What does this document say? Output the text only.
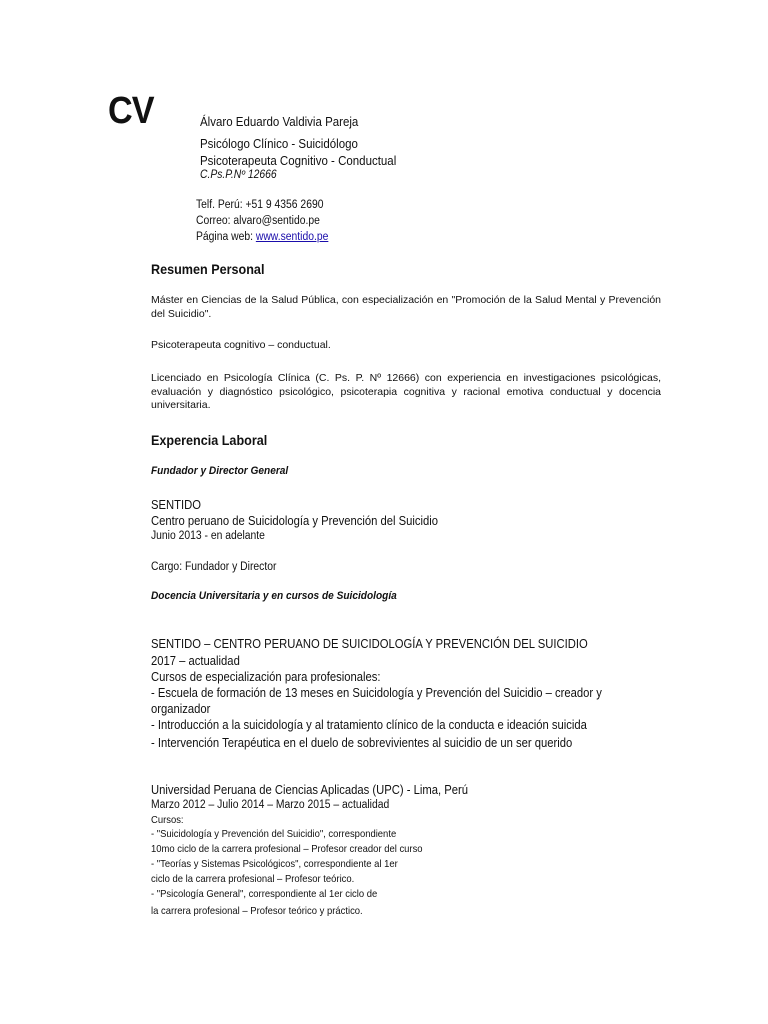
CV	Álvaro Eduardo Valdivia Pareja
Psicólogo Clínico - Suicidólogo
Psicoterapeuta Cognitivo - Conductual
C.Ps.P.Nº 12666
Telf. Perú: +51 9 4356 2690
Correo: alvaro@sentido.pe
Página web: www.sentido.pe
Resumen Personal
Máster en Ciencias de la Salud Pública, con especialización en "Promoción de la Salud Mental y Prevención del Suicidio".
Psicoterapeuta cognitivo – conductual.
Licenciado en Psicología Clínica (C. Ps. P. Nº 12666) con experiencia en investigaciones psicológicas, evaluación y diagnóstico psicológico, psicoterapia cognitiva y racional emotiva conductual y docencia universitaria.
Experencia Laboral
Fundador y Director General
SENTIDO
Centro peruano de Suicidología y Prevención del Suicidio
Junio 2013 - en adelante
Cargo: Fundador y Director
Docencia Universitaria y en cursos de Suicidología
SENTIDO – CENTRO PERUANO DE SUICIDOLOGÍA Y PREVENCIÓN DEL SUICIDIO
2017 – actualidad
Cursos de especialización para profesionales:
- Escuela de formación de 13 meses en Suicidología y Prevención del Suicidio – creador y
organizador
- Introducción a la suicidología y al tratamiento clínico de la conducta e ideación suicida
- Intervención Terapéutica en el duelo de sobrevivientes al suicidio de un ser querido
Universidad Peruana de Ciencias Aplicadas (UPC) - Lima, Perú
Marzo 2012 – Julio 2014 – Marzo 2015 – actualidad
Cursos:
- "Suicidología y Prevención del Suicidio", correspondiente
10mo ciclo de la carrera profesional – Profesor creador del curso
- "Teorías y Sistemas Psicológicos", correspondiente al 1er
ciclo de la carrera profesional – Profesor teórico.
- "Psicología General", correspondiente al 1er ciclo de
la carrera profesional – Profesor teórico y práctico.
